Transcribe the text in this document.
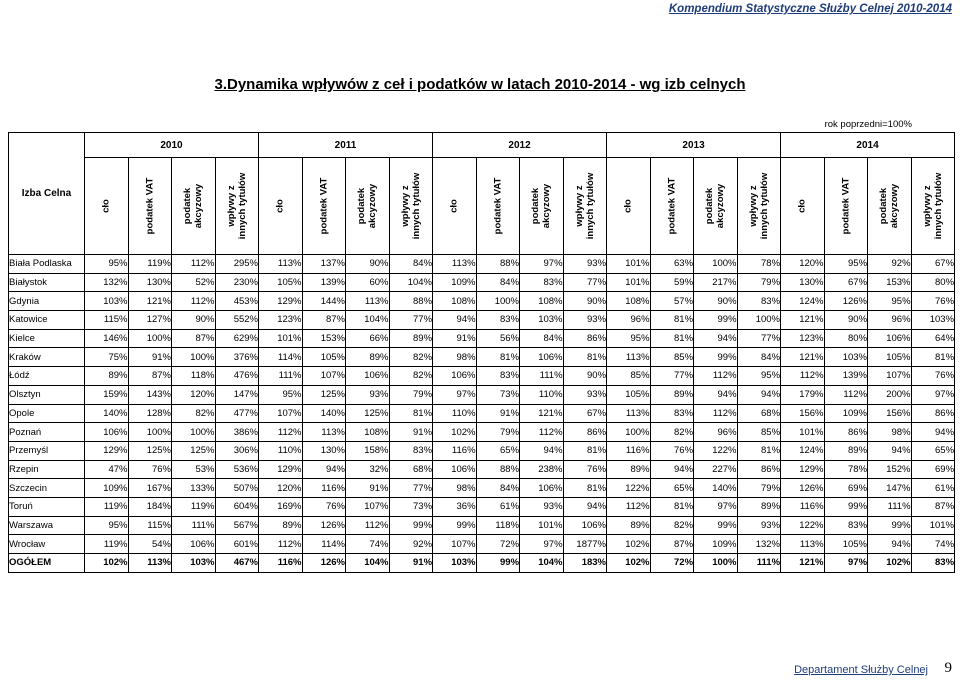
Kompendium Statystyczne Służby Celnej 2010-2014
3.Dynamika wpływów z ceł i podatków w latach 2010-2014 - wg izb celnych
rok poprzedni=100%
Izba Celna	2010				2011				2012				2013				2014			

	cło	podatek VAT	podatek akcyzowy	wpływy z innych tytułów	cło	podatek VAT	podatek akcyzowy	wpływy z innych tytułów	cło	podatek VAT	podatek akcyzowy	wpływy z innych tytułów	cło	podatek VAT	podatek akcyzowy	wpływy z innych tytułów	cło	podatek VAT	podatek akcyzowy	wpływy z innych tytułów

Biała Podlaska	95%	119%	112%	295%	113%	137%	90%	84%	113%	88%	97%	93%	101%	63%	100%	78%	120%	95%	92%	67%
Białystok	132%	130%	52%	230%	105%	139%	60%	104%	109%	84%	83%	77%	101%	59%	217%	79%	130%	67%	153%	80%
Gdynia	103%	121%	112%	453%	129%	144%	113%	88%	108%	100%	108%	90%	108%	57%	90%	83%	124%	126%	95%	76%
Katowice	115%	127%	90%	552%	123%	87%	104%	77%	94%	83%	103%	93%	96%	81%	99%	100%	121%	90%	96%	103%
Kielce	146%	100%	87%	629%	101%	153%	66%	89%	91%	56%	84%	86%	95%	81%	94%	77%	123%	80%	106%	64%
Kraków	75%	91%	100%	376%	114%	105%	89%	82%	98%	81%	106%	81%	113%	85%	99%	84%	121%	103%	105%	81%
Łódź	89%	87%	118%	476%	111%	107%	106%	82%	106%	83%	111%	90%	85%	77%	112%	95%	112%	139%	107%	76%
Olsztyn	159%	143%	120%	147%	95%	125%	93%	79%	97%	73%	110%	93%	105%	89%	94%	94%	179%	112%	200%	97%
Opole	140%	128%	82%	477%	107%	140%	125%	81%	110%	91%	121%	67%	113%	83%	112%	68%	156%	109%	156%	86%
Poznań	106%	100%	100%	386%	112%	113%	108%	91%	102%	79%	112%	86%	100%	82%	96%	85%	101%	86%	98%	94%
Przemyśl	129%	125%	125%	306%	110%	130%	158%	83%	116%	65%	94%	81%	116%	76%	122%	81%	124%	89%	94%	65%
Rzepin	47%	76%	53%	536%	129%	94%	32%	68%	106%	88%	238%	76%	89%	94%	227%	86%	129%	78%	152%	69%
Szczecin	109%	167%	133%	507%	120%	116%	91%	77%	98%	84%	106%	81%	122%	65%	140%	79%	126%	69%	147%	61%
Toruń	119%	184%	119%	604%	169%	76%	107%	73%	36%	61%	93%	94%	112%	81%	97%	89%	116%	99%	111%	87%
Warszawa	95%	115%	111%	567%	89%	126%	112%	99%	99%	118%	101%	106%	89%	82%	99%	93%	122%	83%	99%	101%
Wrocław	119%	54%	106%	601%	112%	114%	74%	92%	107%	72%	97%	1877%	102%	87%	109%	132%	113%	105%	94%	74%
OGÓŁEM	102%	113%	103%	467%	116%	126%	104%	91%	103%	99%	104%	183%	102%	72%	100%	111%	121%	97%	102%	83%
Departament Służby Celnej 9
